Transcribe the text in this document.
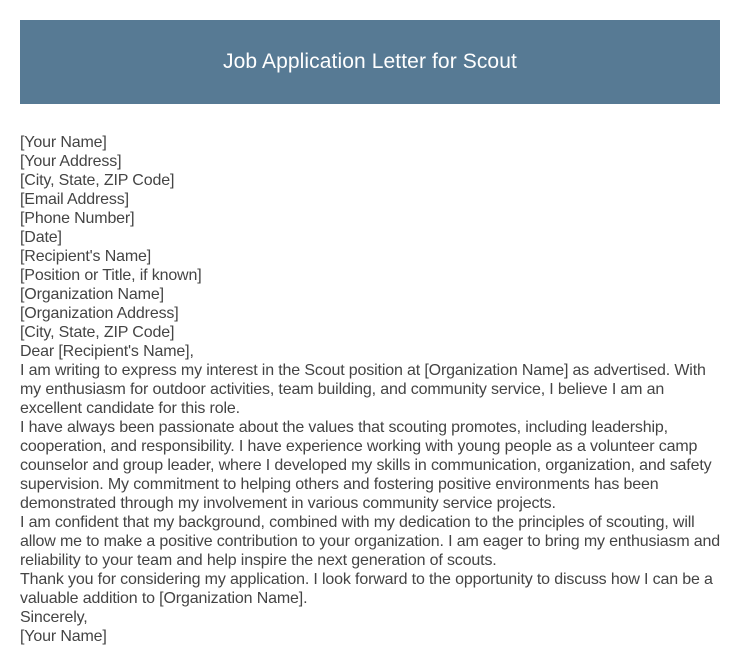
Job Application Letter for Scout
[Your Name]
[Your Address]
[City, State, ZIP Code]
[Email Address]
[Phone Number]
[Date]
[Recipient's Name]
[Position or Title, if known]
[Organization Name]
[Organization Address]
[City, State, ZIP Code]
Dear [Recipient's Name],

I am writing to express my interest in the Scout position at [Organization Name] as advertised. With my enthusiasm for outdoor activities, team building, and community service, I believe I am an excellent candidate for this role.

I have always been passionate about the values that scouting promotes, including leadership, cooperation, and responsibility. I have experience working with young people as a volunteer camp counselor and group leader, where I developed my skills in communication, organization, and safety supervision. My commitment to helping others and fostering positive environments has been demonstrated through my involvement in various community service projects.

I am confident that my background, combined with my dedication to the principles of scouting, will allow me to make a positive contribution to your organization. I am eager to bring my enthusiasm and reliability to your team and help inspire the next generation of scouts.

Thank you for considering my application. I look forward to the opportunity to discuss how I can be a valuable addition to [Organization Name].

Sincerely,
[Your Name]
